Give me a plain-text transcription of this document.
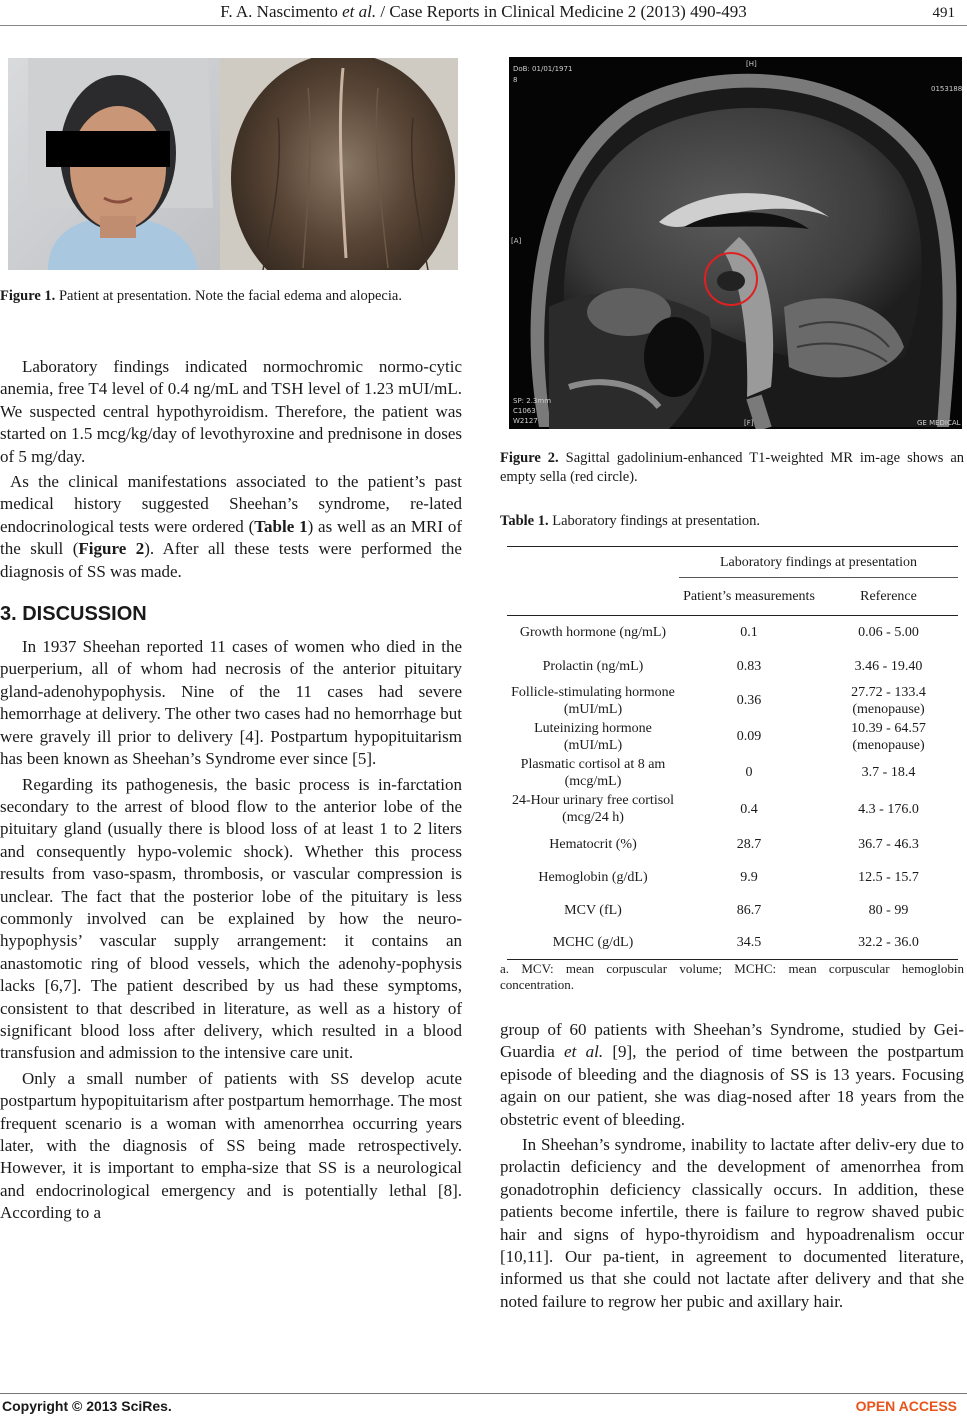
F. A. Nascimento et al. / Case Reports in Clinical Medicine 2 (2013) 490-493	491

Figure 1. Patient at presentation. Note the facial edema and alopecia.

Laboratory findings indicated normochromic normo-cytic anemia, free T4 level of 0.4 ng/mL and TSH level of 1.23 mUI/mL. We suspected central hypothyroidism. Therefore, the patient was started on 1.5 mcg/kg/day of levothyroxine and prednisone in doses of 5 mg/day.

As the clinical manifestations associated to the patient’s past medical history suggested Sheehan’s syndrome, re-lated endocrinological tests were ordered (Table 1) as well as an MRI of the skull (Figure 2). After all these tests were performed the diagnosis of SS was made.

3. DISCUSSION

In 1937 Sheehan reported 11 cases of women who died in the puerperium, all of whom had necrosis of the anterior pituitary gland-adenohypophysis. Nine of the 11 cases had severe hemorrhage at delivery. The other two cases had no hemorrhage but were gravely ill prior to delivery [4]. Postpartum hypopituitarism has been known as Sheehan’s Syndrome ever since [5].

Regarding its pathogenesis, the basic process is in-farctation secondary to the arrest of blood flow to the anterior lobe of the pituitary gland (usually there is blood loss of at least 1 to 2 liters and consequently hypo-volemic shock). Whether this process results from vaso-spasm, thrombosis, or vascular compression is unclear. The fact that the posterior lobe of the pituitary is less commonly involved can be explained by how the neuro-hypophysis’ vascular supply arrangement: it contains an anastomotic ring of blood vessels, which the adenohy-pophysis lacks [6,7]. The patient described by us had these symptoms, consistent to that described in literature, as well as a history of significant blood loss after delivery, which resulted in a blood transfusion and admission to the intensive care unit.

Only a small number of patients with SS develop acute postpartum hypopituitarism after postpartum hemorrhage. The most frequent scenario is a woman with amenorrhea occurring years later, with the diagnosis of SS being made retrospectively. However, it is important to empha-size that SS is a neurological and endocrinological emergency and is potentially lethal [8]. According to a

DoB: 01/01/1971
8
[H]
0153188
[A]
SP: 2.3mm
C1063
W2127	[F]	GE MEDICAL

Figure 2. Sagittal gadolinium-enhanced T1-weighted MR im-age shows an empty sella (red circle).

Table 1. Laboratory findings at presentation.

	Laboratory findings at presentation	
	Patient’s measurements	Reference
Growth hormone (ng/mL)	0.1	0.06 - 5.00
Prolactin (ng/mL)	0.83	3.46 - 19.40
Follicle-stimulating hormone (mUI/mL)	0.36	27.72 - 133.4 (menopause)
Luteinizing hormone (mUI/mL)	0.09	10.39 - 64.57 (menopause)
Plasmatic cortisol at 8 am (mcg/mL)	0	3.7 - 18.4
24-Hour urinary free cortisol (mcg/24 h)	0.4	4.3 - 176.0
Hematocrit (%)	28.7	36.7 - 46.3
Hemoglobin (g/dL)	9.9	12.5 - 15.7
MCV (fL)	86.7	80 - 99
MCHC (g/dL)	34.5	32.2 - 36.0

a. MCV: mean corpuscular volume; MCHC: mean corpuscular hemoglobin concentration.

group of 60 patients with Sheehan’s Syndrome, studied by Gei-Guardia et al. [9], the period of time between the postpartum episode of bleeding and the diagnosis of SS is 13 years. Focusing again on our patient, she was diag-nosed after 18 years from the obstetric event of bleeding.

In Sheehan’s syndrome, inability to lactate after deliv-ery due to prolactin deficiency and the development of amenorrhea from gonadotrophin deficiency classically occurs. In addition, these patients become infertile, there is failure to regrow shaved pubic hair and signs of hypo-thyroidism and hypoadrenalism occur [10,11]. Our pa-tient, in agreement to documented literature, informed us that she could not lactate after delivery and that she noted failure to regrow her pubic and axillary hair.

Copyright © 2013 SciRes.	OPEN ACCESS
